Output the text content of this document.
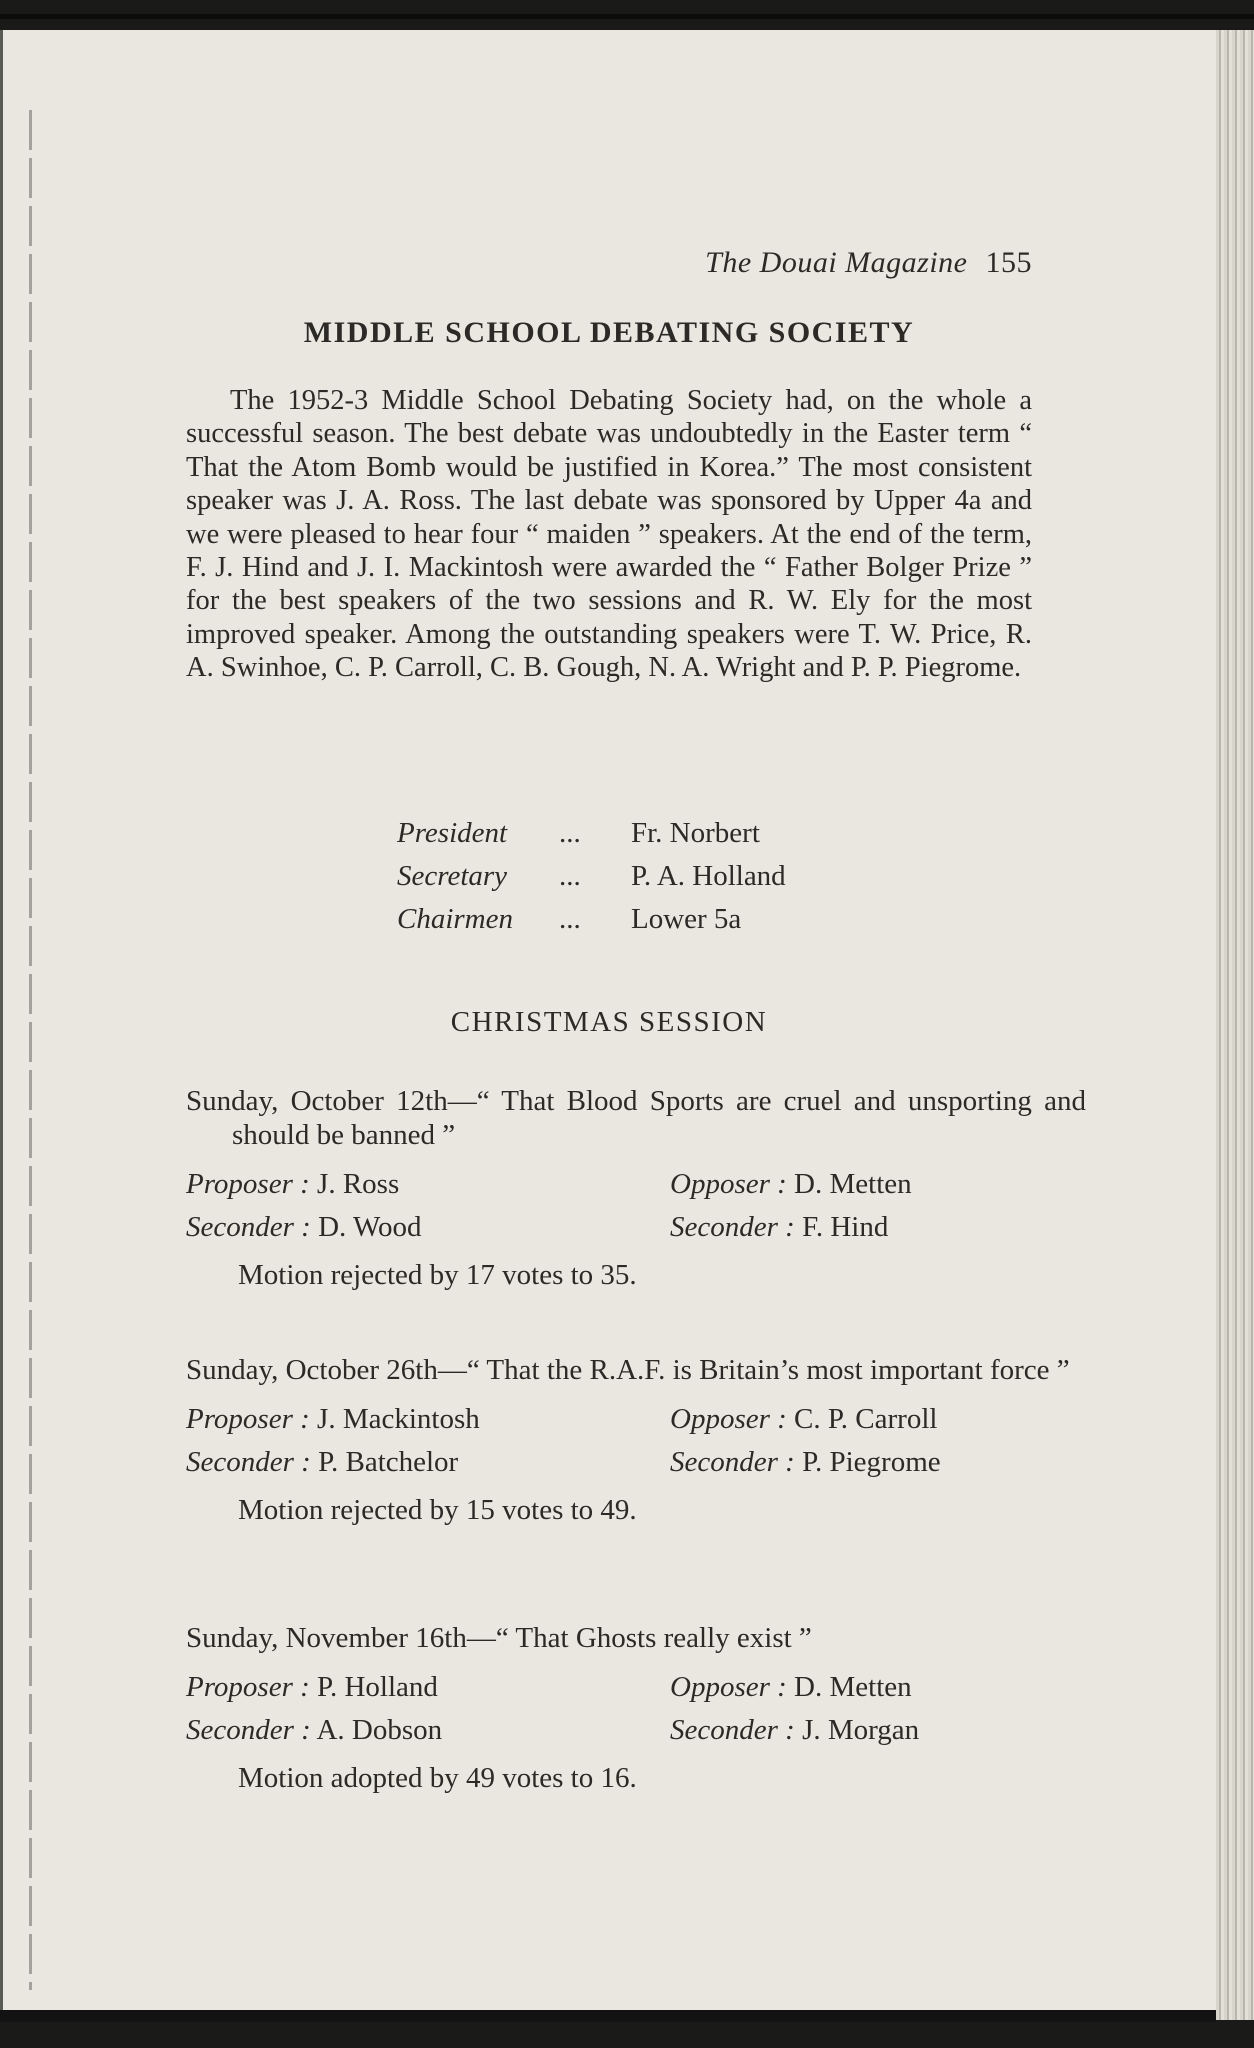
The Douai Magazine 155
MIDDLE SCHOOL DEBATING SOCIETY

The 1952-3 Middle School Debating Society had, on the whole a successful season. The best debate was undoubtedly in the Easter term “ That the Atom Bomb would be justified in Korea.” The most consistent speaker was J. A. Ross. The last debate was sponsored by Upper 4a and we were pleased to hear four “ maiden ” speakers. At the end of the term, F. J. Hind and J. I. Mackintosh were awarded the “ Father Bolger Prize ” for the best speakers of the two sessions and R. W. Ely for the most improved speaker. Among the outstanding speakers were T. W. Price, R. A. Swinhoe, C. P. Carroll, C. B. Gough, N. A. Wright and P. P. Piegrome.

President	...	Fr. Norbert
Secretary	...	P. A. Holland
Chairmen	...	Lower 5a
CHRISTMAS SESSION

Sunday, October 12th—“ That Blood Sports are cruel and unsporting and should be banned ”

Proposer : J. Ross	Opposer : D. Metten
Seconder : D. Wood	Seconder : F. Hind
Motion rejected by 17 votes to 35.

Sunday, October 26th—“ That the R.A.F. is Britain’s most important force ”

Proposer : J. Mackintosh	Opposer : C. P. Carroll
Seconder : P. Batchelor	Seconder : P. Piegrome
Motion rejected by 15 votes to 49.

Sunday, November 16th—“ That Ghosts really exist ”

Proposer : P. Holland	Opposer : D. Metten
Seconder : A. Dobson	Seconder : J. Morgan
Motion adopted by 49 votes to 16.
